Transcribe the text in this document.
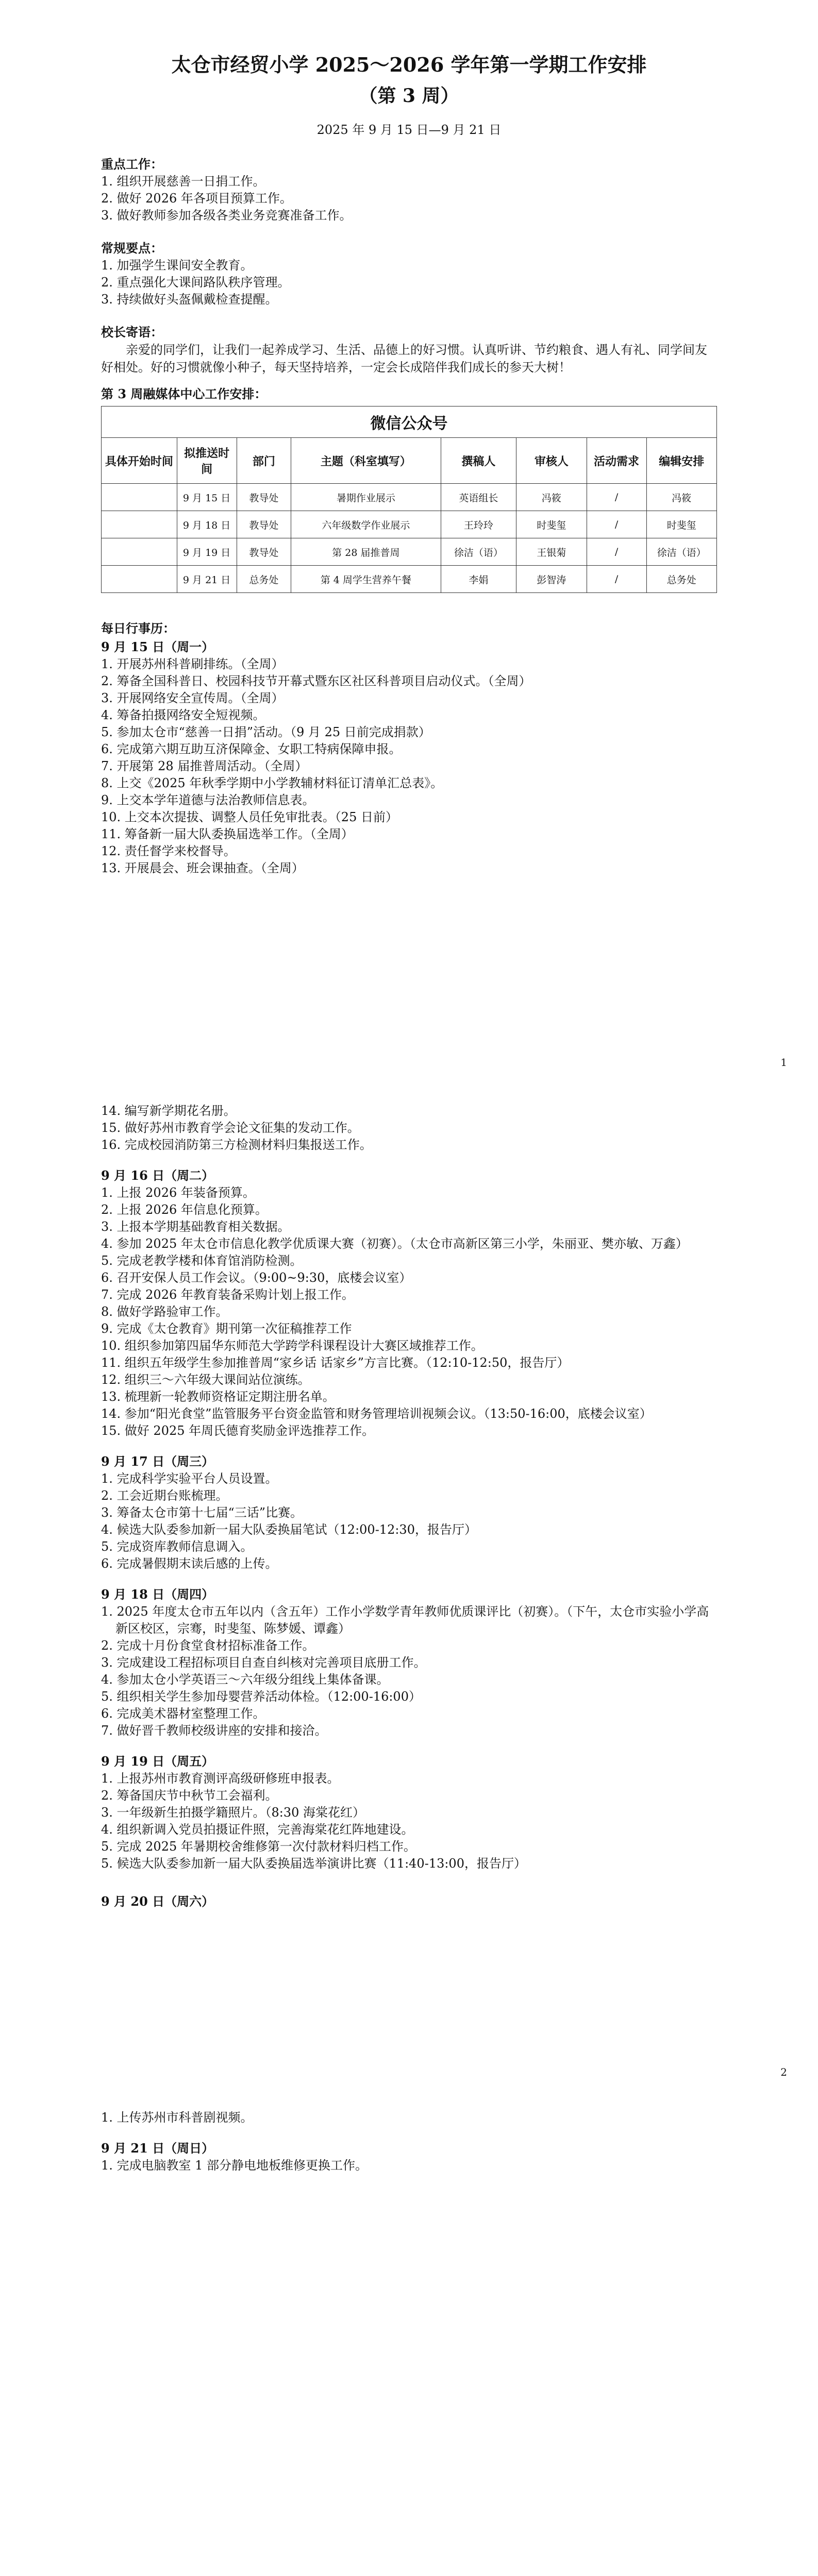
太仓市经贸小学 2025～2026 学年第一学期工作安排
（第 3 周）
2025 年 9 月 15 日—9 月 21 日
重点工作：
1. 组织开展慈善一日捐工作。
2. 做好 2026 年各项目预算工作。
3. 做好教师参加各级各类业务竞赛准备工作。
常规要点：
1. 加强学生课间安全教育。
2. 重点强化大课间路队秩序管理。
3. 持续做好头盔佩戴检查提醒。
校长寄语：
亲爱的同学们，让我们一起养成学习、生活、品德上的好习惯。认真听讲、节约粮食、遇人有礼、同学间友好相处。好的习惯就像小种子，每天坚持培养，一定会长成陪伴我们成长的参天大树！
第 3 周融媒体中心工作安排：
微信公众号							
具体开始时间	拟推送时间	部门	主题（科室填写）	撰稿人	审核人	活动需求	编辑安排
	9 月 15 日	教导处	暑期作业展示	英语组长	冯筱	/	冯筱
	9 月 18 日	教导处	六年级数学作业展示	王玲玲	时斐玺	/	时斐玺
	9 月 19 日	教导处	第 28 届推普周	徐洁（语）	王银菊	/	徐洁（语）
	9 月 21 日	总务处	第 4 周学生营养午餐	李娟	彭智涛	/	总务处
每日行事历：
9 月 15 日（周一）
1. 开展苏州科普刷排练。（全周）
2. 筹备全国科普日、校园科技节开幕式暨东区社区科普项目启动仪式。（全周）
3. 开展网络安全宣传周。（全周）
4. 筹备拍摄网络安全短视频。
5. 参加太仓市“慈善一日捐”活动。（9 月 25 日前完成捐款）
6. 完成第六期互助互济保障金、女职工特病保障申报。
7. 开展第 28 届推普周活动。（全周）
8. 上交《2025 年秋季学期中小学教辅材料征订清单汇总表》。
9. 上交本学年道德与法治教师信息表。
10. 上交本次提拔、调整人员任免审批表。（25 日前）
11. 筹备新一届大队委换届选举工作。（全周）
12. 责任督学来校督导。
13. 开展晨会、班会课抽查。（全周）
1
14. 编写新学期花名册。
15. 做好苏州市教育学会论文征集的发动工作。
16. 完成校园消防第三方检测材料归集报送工作。
9 月 16 日（周二）
1. 上报 2026 年装备预算。
2. 上报 2026 年信息化预算。
3. 上报本学期基础教育相关数据。
4. 参加 2025 年太仓市信息化教学优质课大赛（初赛）。（太仓市高新区第三小学，朱丽亚、樊亦敏、万鑫）
5. 完成老教学楼和体育馆消防检测。
6. 召开安保人员工作会议。（9:00~9:30，底楼会议室）
7. 完成 2026 年教育装备采购计划上报工作。
8. 做好学路验审工作。
9. 完成《太仓教育》期刊第一次征稿推荐工作
10. 组织参加第四届华东师范大学跨学科课程设计大赛区域推荐工作。
11. 组织五年级学生参加推普周“家乡话 话家乡”方言比赛。（12:10-12:50，报告厅）
12. 组织三～六年级大课间站位演练。
13. 梳理新一轮教师资格证定期注册名单。
14. 参加“阳光食堂”监管服务平台资金监管和财务管理培训视频会议。（13:50-16:00，底楼会议室）
15. 做好 2025 年周氏德育奖励金评选推荐工作。
9 月 17 日（周三）
1. 完成科学实验平台人员设置。
2. 工会近期台账梳理。
3. 筹备太仓市第十七届“三话”比赛。
4. 候选大队委参加新一届大队委换届笔试（12:00-12:30，报告厅）
5. 完成资库教师信息调入。
6. 完成暑假期末读后感的上传。
9 月 18 日（周四）
1. 2025 年度太仓市五年以内（含五年）工作小学数学青年教师优质课评比（初赛）。（下午，太仓市实验小学高新区校区，宗骞，时斐玺、陈梦媛、谭鑫）
2. 完成十月份食堂食材招标准备工作。
3. 完成建设工程招标项目自查自纠核对完善项目底册工作。
4. 参加太仓小学英语三～六年级分组线上集体备课。
5. 组织相关学生参加母婴营养活动体检。（12:00-16:00）
6. 完成美术器材室整理工作。
7. 做好晋千教师校级讲座的安排和接洽。
9 月 19 日（周五）
1. 上报苏州市教育测评高级研修班申报表。
2. 筹备国庆节中秋节工会福利。
3. 一年级新生拍摄学籍照片。（8:30 海棠花红）
4. 组织新调入党员拍摄证件照，完善海棠花红阵地建设。
5. 完成 2025 年暑期校舍维修第一次付款材料归档工作。
5. 候选大队委参加新一届大队委换届选举演讲比赛（11:40-13:00，报告厅）
9 月 20 日（周六）
2
1. 上传苏州市科普剧视频。
9 月 21 日（周日）
1. 完成电脑教室 1 部分静电地板维修更换工作。
